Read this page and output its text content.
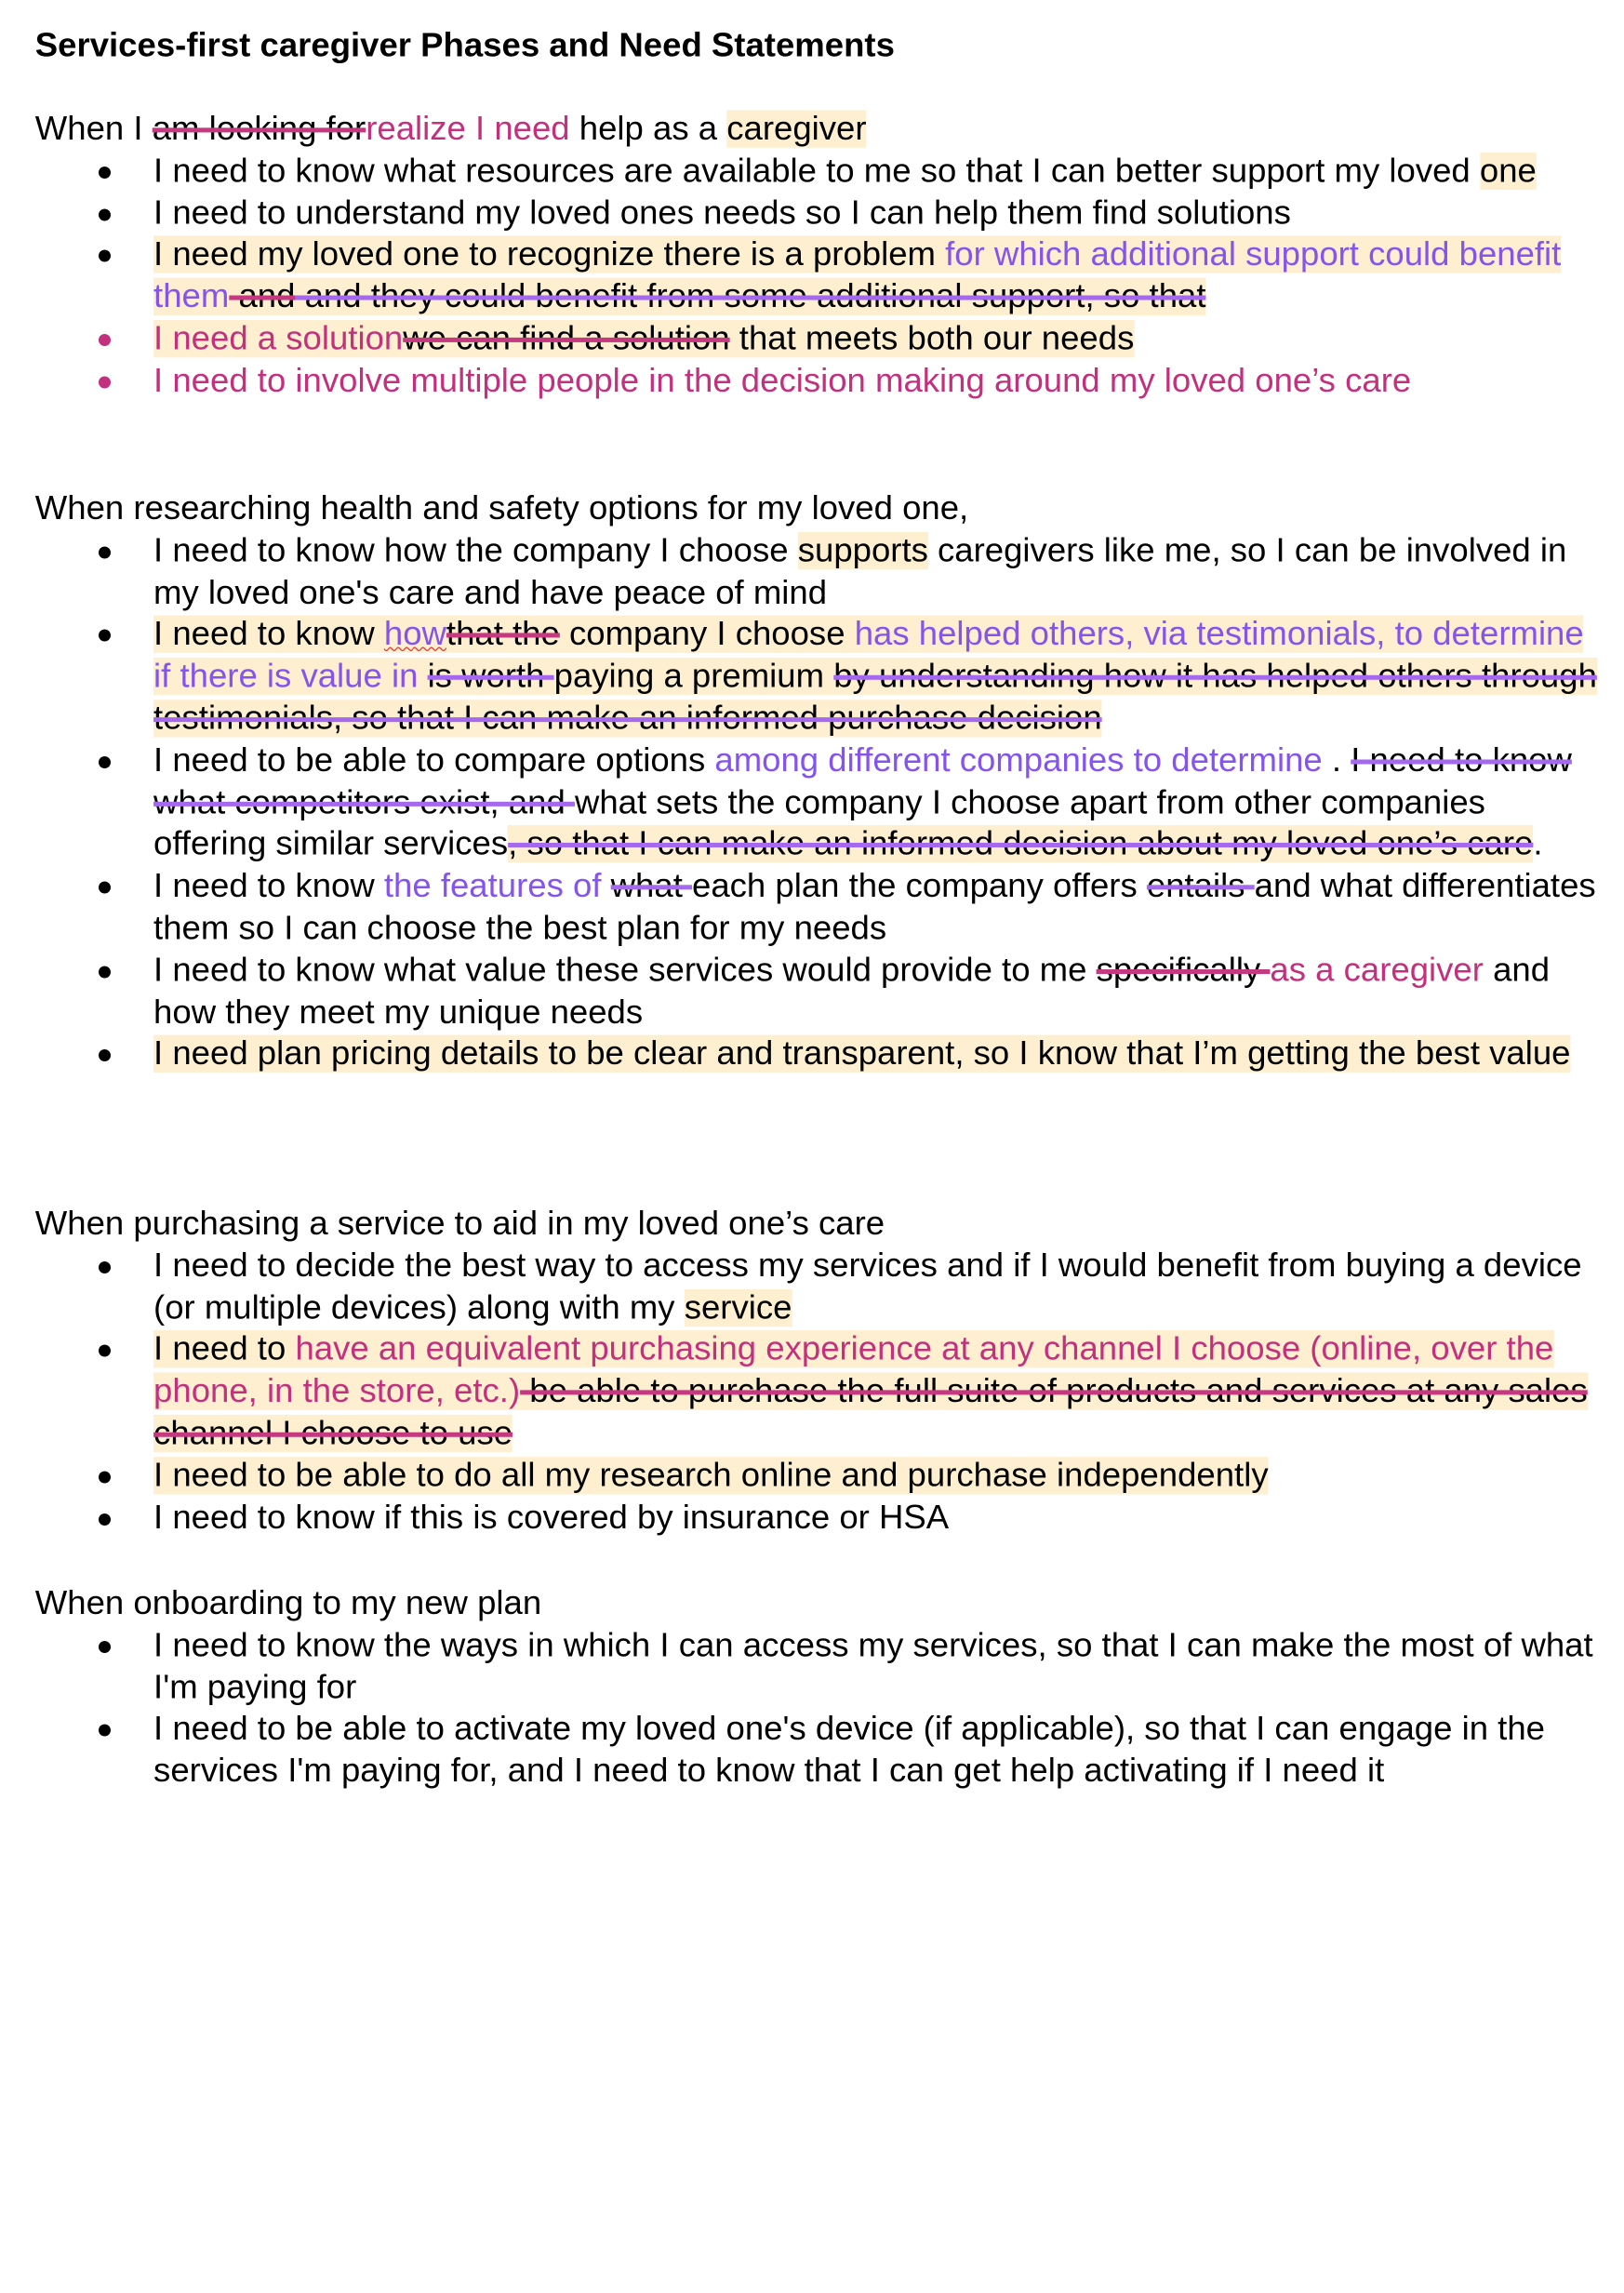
Services-first caregiver Phases and Need Statements

When I am looking forrealize I need help as a caregiver

● I need to know what resources are available to me so that I can better support my loved one
● I need to understand my loved ones needs so I can help them find solutions
● I need my loved one to recognize there is a problem for which additional support could benefit them and and they could benefit from some additional support, so that
● I need a solutionwe can find a solution that meets both our needs
● I need to involve multiple people in the decision making around my loved one’s care

When researching health and safety options for my loved one,

● I need to know how the company I choose supports caregivers like me, so I can be involved in my loved one's care and have peace of mind
● I need to know howthat the company I choose has helped others, via testimonials, to determine if there is value in is worth paying a premium by understanding how it has helped others through testimonials, so that I can make an informed purchase decision
● I need to be able to compare options among different companies to determine . I need to know what competitors exist, and what sets the company I choose apart from other companies offering similar services, so that I can make an informed decision about my loved one’s care.
● I need to know the features of what each plan the company offers entails and what differentiates them so I can choose the best plan for my needs
● I need to know what value these services would provide to me specifically as a caregiver and how they meet my unique needs
● I need plan pricing details to be clear and transparent, so I know that I’m getting the best value

When purchasing a service to aid in my loved one’s care

● I need to decide the best way to access my services and if I would benefit from buying a device (or multiple devices) along with my service
● I need to have an equivalent purchasing experience at any channel I choose (online, over the phone, in the store, etc.) be able to purchase the full suite of products and services at any sales channel I choose to use
● I need to be able to do all my research online and purchase independently
● I need to know if this is covered by insurance or HSA

When onboarding to my new plan

● I need to know the ways in which I can access my services, so that I can make the most of what I'm paying for
● I need to be able to activate my loved one's device (if applicable), so that I can engage in the services I'm paying for, and I need to know that I can get help activating if I need it
